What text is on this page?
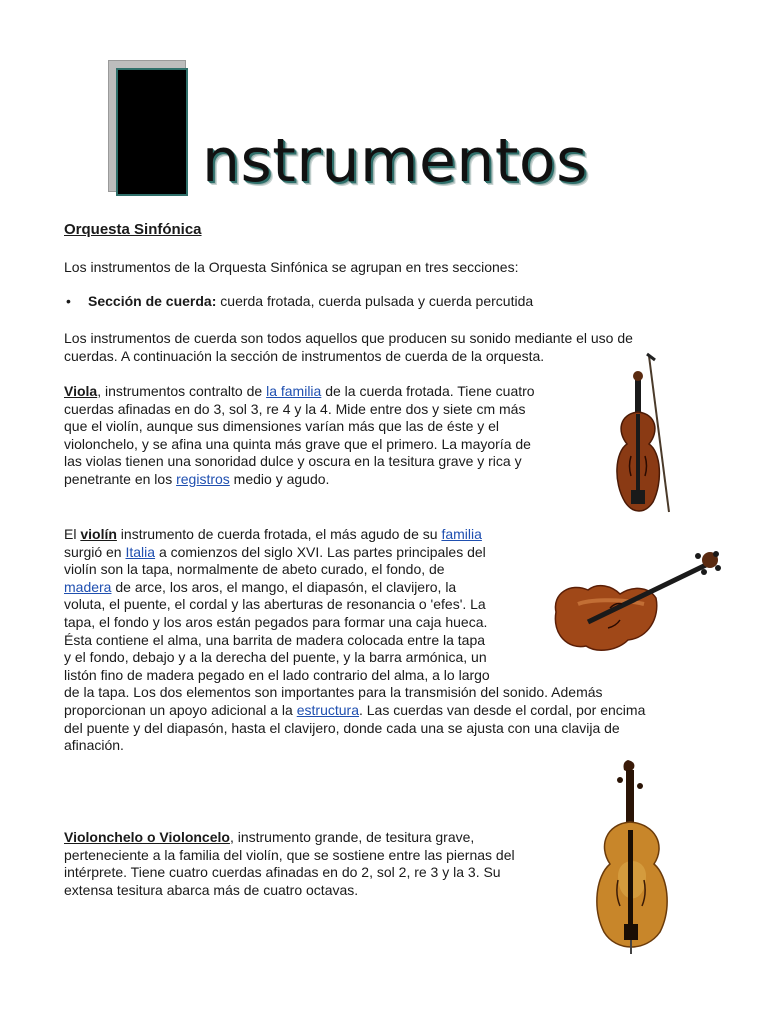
nstrumentos
Orquesta Sinfónica
Los instrumentos de la Orquesta Sinfónica se agrupan en tres secciones:
• Sección de cuerda: cuerda frotada, cuerda pulsada y cuerda percutida
Los instrumentos de cuerda son todos aquellos que producen su sonido mediante el uso de
cuerdas. A continuación la sección de instrumentos de cuerda de la orquesta.
Viola, instrumentos contralto de la familia de la cuerda frotada. Tiene cuatro
cuerdas afinadas en do 3, sol 3, re 4 y la 4. Mide entre dos y siete cm más
que el violín, aunque sus dimensiones varían más que las de éste y el
violonchelo, y se afina una quinta más grave que el primero. La mayoría de
las violas tienen una sonoridad dulce y oscura en la tesitura grave y rica y
penetrante en los registros medio y agudo.
El violín instrumento de cuerda frotada, el más agudo de su familia
surgió en Italia a comienzos del siglo XVI. Las partes principales del
violín son la tapa, normalmente de abeto curado, el fondo, de
madera de arce, los aros, el mango, el diapasón, el clavijero, la
voluta, el puente, el cordal y las aberturas de resonancia o 'efes'. La
tapa, el fondo y los aros están pegados para formar una caja hueca.
Ésta contiene el alma, una barrita de madera colocada entre la tapa
y el fondo, debajo y a la derecha del puente, y la barra armónica, un
listón fino de madera pegado en el lado contrario del alma, a lo largo
de la tapa. Los dos elementos son importantes para la transmisión del sonido. Además
proporcionan un apoyo adicional a la estructura. Las cuerdas van desde el cordal, por encima
del puente y del diapasón, hasta el clavijero, donde cada una se ajusta con una clavija de
afinación.
Violonchelo o Violoncelo, instrumento grande, de tesitura grave,
perteneciente a la familia del violín, que se sostiene entre las piernas del
intérprete. Tiene cuatro cuerdas afinadas en do 2, sol 2, re 3 y la 3. Su
extensa tesitura abarca más de cuatro octavas.
